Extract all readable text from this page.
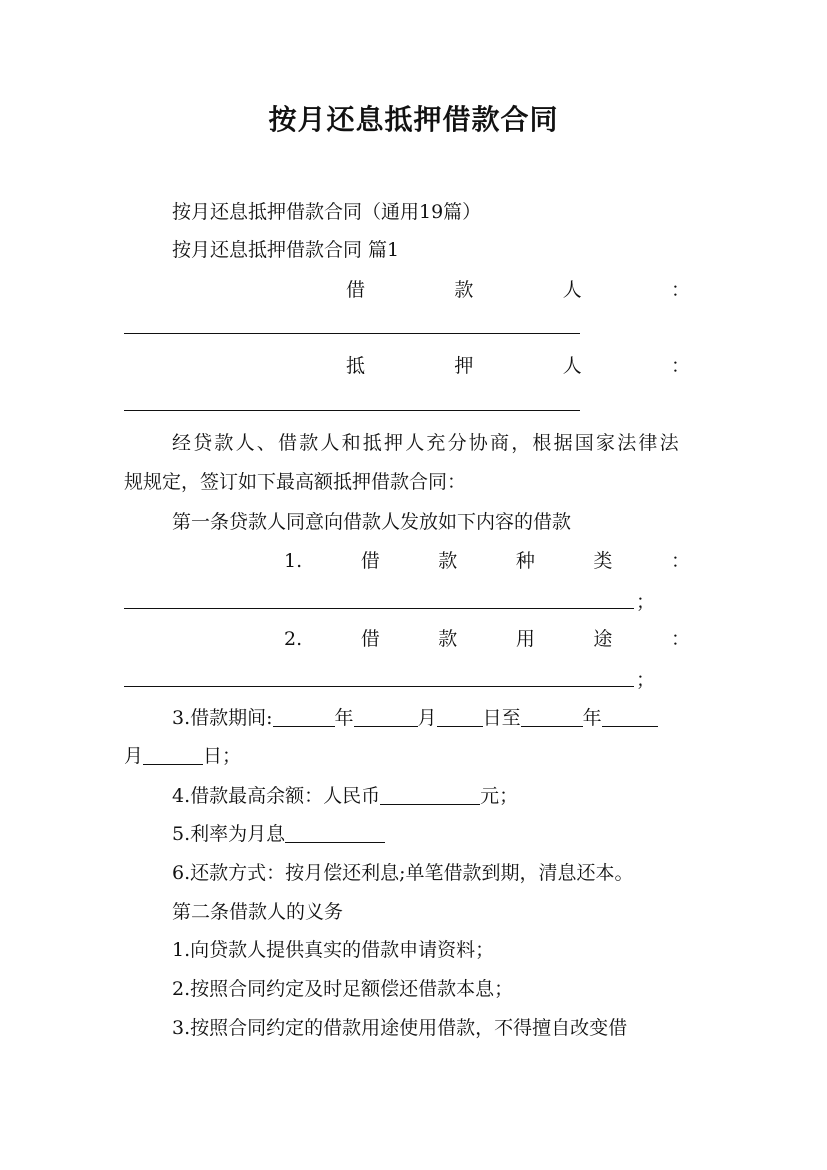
按月还息抵押借款合同
按月还息抵押借款合同（通用19篇）
按月还息抵押借款合同 篇1
借	款	人	：
抵	押	人	：
经贷款人、借款人和抵押人充分协商，根据国家法律法
规规定，签订如下最高额抵押借款合同：
第一条贷款人同意向借款人发放如下内容的借款
1.	借	款	种	类	：
；
2.	借	款	用	途	：
；
3.借款期间:	年	月 日至	年
月	日；
4.借款最高余额：人民币	元；
5.利率为月息
6.还款方式：按月偿还利息;单笔借款到期，清息还本。
第二条借款人的义务
1.向贷款人提供真实的借款申请资料；
2.按照合同约定及时足额偿还借款本息；
3.按照合同约定的借款用途使用借款，不得擅自改变借
